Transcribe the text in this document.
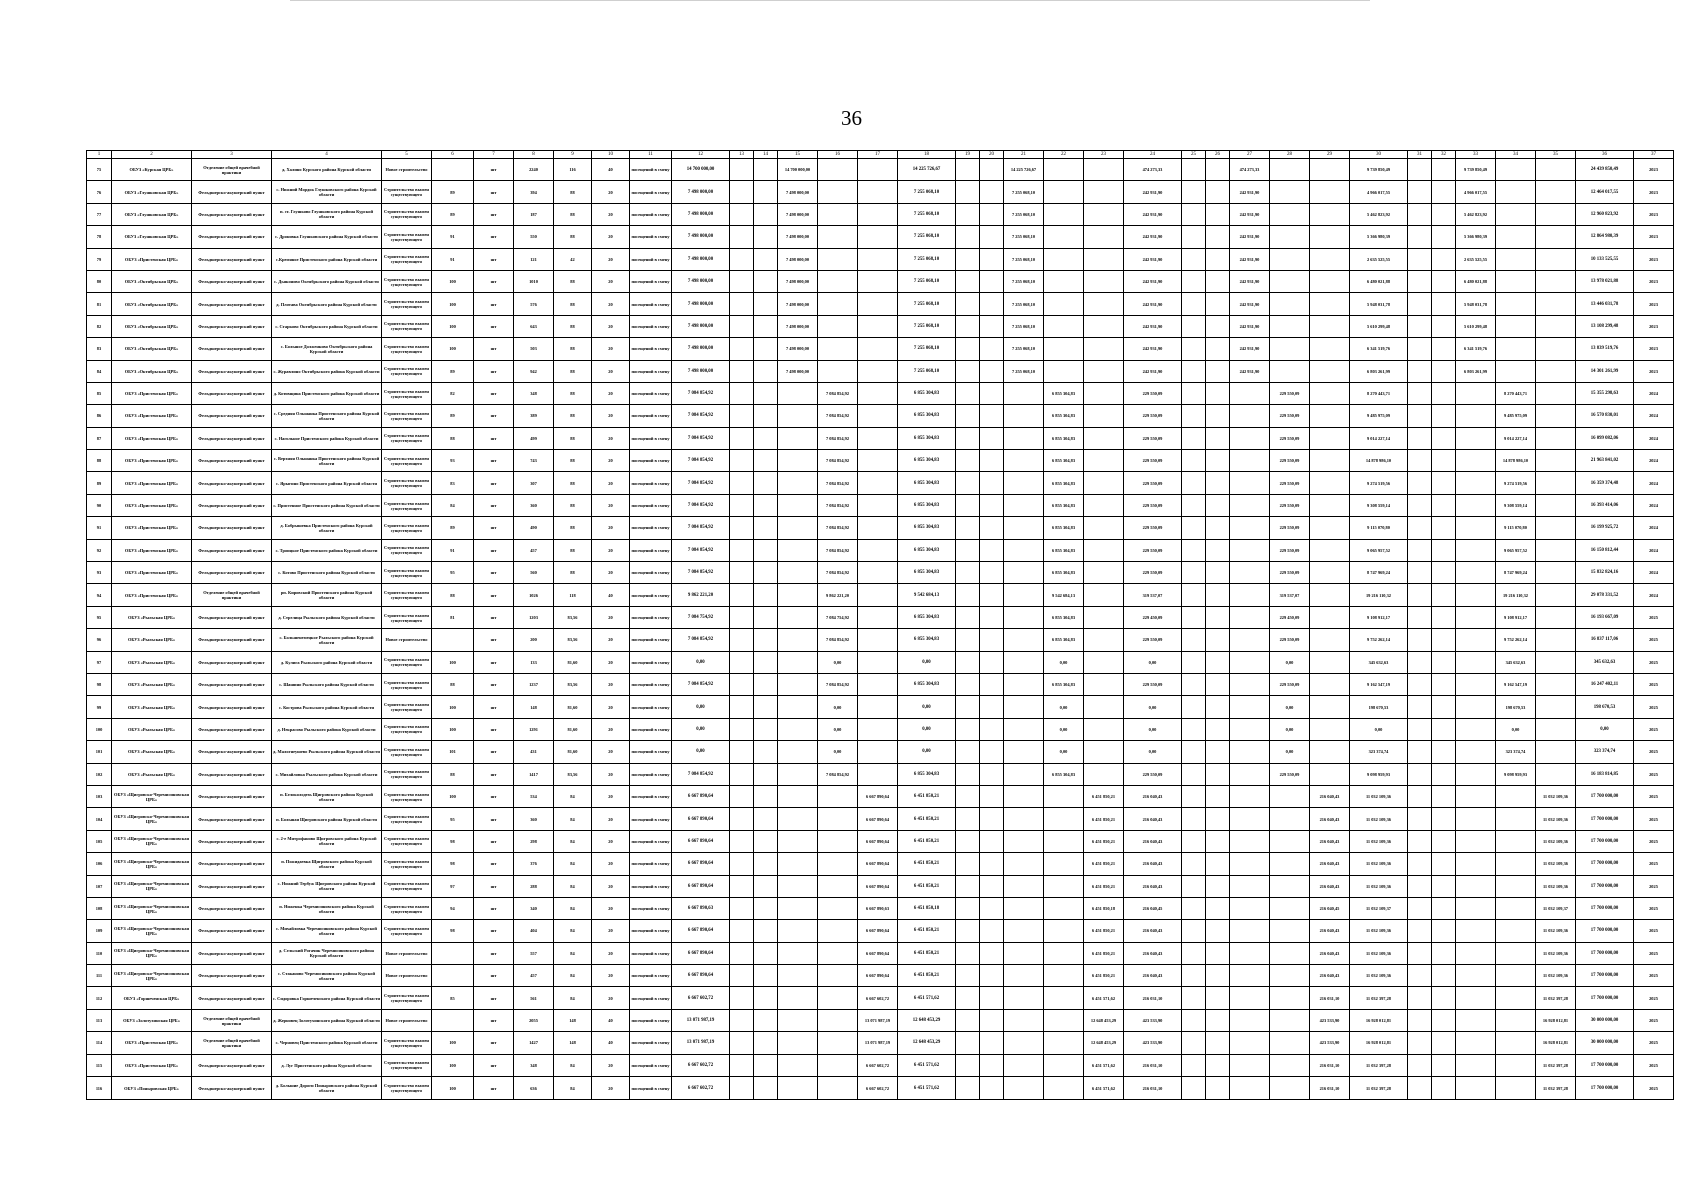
36
1	2	3	4	5	6	7	8	9	10	11	12	13	14	15	16	17	18	19	20	21	22	23	24	25	26	27	28	29	30	31	32	33	34	35	36	37
75	ОБУЗ «Курская ЦРБ»	Отделение общей врачебной практики	д. Халино Курского района Курской области	Новое строительство		шт	2240	116	40	посещений в смену	14 700 000,00			14 700 000,00			14 225 726,67			14 225 726,67			474 273,33			474 273,33			9 739 850,49			9 739 850,49			24 439 850,49	2023
76	ОБУЗ «Глушковская ЦРБ»	Фельдшерско-акушерский пункт	с. Нижний Мордок Глушковского района Курской области	Строительство взамен существующего	89	шт	394	88	20	посещений в смену	7 498 000,00			7 498 000,00			7 255 068,10			7 255 068,10			242 931,90			242 931,90			4 966 017,55			4 966 017,55			12 464 017,55	2023
77	ОБУЗ «Глушковская ЦРБ»	Фельдшерско-акушерский пункт	п. ст. Глушково Глушковского района Курской области	Строительство взамен существующего	89	шт	187	88	20	посещений в смену	7 498 000,00			7 498 000,00			7 255 068,10			7 255 068,10			242 931,90			242 931,90			5 462 823,92			5 462 823,92			12 960 823,92	2023
78	ОБУЗ «Глушковская ЦРБ»	Фельдшерско-акушерский пункт	с. Дроновка Глушковского района Курской области	Строительство взамен существующего	91	шт	550	88	20	посещений в смену	7 498 000,00			7 498 000,00			7 255 068,10			7 255 068,10			242 931,90			242 931,90			5 366 980,39			5 366 980,39			12 864 980,39	2023
79	ОБУЗ «Пристенская ЦРБ»	Фельдшерско-акушерский пункт	с.Кремяное Пристенского района Курской области	Строительство взамен существующего	91	шт	121	42	20	посещений в смену	7 498 000,00			7 498 000,00			7 255 068,10			7 255 068,10			242 931,90			242 931,90			2 635 525,55			2 635 525,55			10 133 525,55	2023
80	ОБУЗ «Октябрьская ЦРБ»	Фельдшерско-акушерский пункт	с. Дьяконово Октябрьского района Курской области	Строительство взамен существующего	100	шт	1010	88	20	посещений в смену	7 498 000,00			7 498 000,00			7 255 068,10			7 255 068,10			242 931,90			242 931,90			6 480 021,88			6 480 021,88			13 978 021,88	2023
81	ОБУЗ «Октябрьская ЦРБ»	Фельдшерско-акушерский пункт	д. Плотава Октябрьского района Курской области	Строительство взамен существующего	100	шт	576	88	20	посещений в смену	7 498 000,00			7 498 000,00			7 255 068,10			7 255 068,10			242 931,90			242 931,90			5 948 031,78			5 948 031,78			13 446 031,78	2023
82	ОБУЗ «Октябрьская ЦРБ»	Фельдшерско-акушерский пункт	с. Старково Октябрьского района Курской области	Строительство взамен существующего	100	шт	643	88	20	посещений в смену	7 498 000,00			7 498 000,00			7 255 068,10			7 255 068,10			242 931,90			242 931,90			5 610 299,48			5 610 299,48			13 108 299,48	2023
83	ОБУЗ «Октябрьская ЦРБ»	Фельдшерско-акушерский пункт	с. Большое Долженково Октябрьского района Курской области	Строительство взамен существующего	100	шт	503	88	20	посещений в смену	7 498 000,00			7 498 000,00			7 255 068,10			7 255 068,10			242 931,90			242 931,90			6 341 519,76			6 341 519,76			13 839 519,76	2023
84	ОБУЗ «Октябрьская ЦРБ»	Фельдшерско-акушерский пункт	с. Журавлино Октябрьского района Курской области	Строительство взамен существующего	89	шт	942	88	20	посещений в смену	7 498 000,00			7 498 000,00			7 255 068,10			7 255 068,10			242 931,90			242 931,90			6 803 261,99			6 803 261,99			14 301 261,99	2023
85	ОБУЗ «Пристенская ЦРБ»	Фельдшерско-акушерский пункт	д. Котовщина Пристенского района Курской области	Строительство взамен существующего	82	шт	348	88	20	посещений в смену	7 084 854,92				7 084 854,92		6 855 304,83				6 855 304,83		229 550,09				229 550,09		8 270 443,71				8 270 443,71		15 355 298,63	2024
86	ОБУЗ «Пристенская ЦРБ»	Фельдшерско-акушерский пункт	с. Средняя Ольшанка Пристенского района Курской области	Строительство взамен существующего	89	шт	389	88	20	посещений в смену	7 084 854,92				7 084 854,92		6 855 304,83				6 855 304,83		229 550,09				229 550,09		9 485 975,09				9 485 975,09		16 570 830,01	2024
87	ОБУЗ «Пристенская ЦРБ»	Фельдшерско-акушерский пункт	с. Нагольное Пристенского района Курской области	Строительство взамен существующего	88	шт	499	88	20	посещений в смену	7 084 854,92				7 084 854,92		6 855 304,83				6 855 304,83		229 550,09				229 550,09		9 014 227,14				9 014 227,14		16 099 082,06	2024
88	ОБУЗ «Пристенская ЦРБ»	Фельдшерско-акушерский пункт	с. Верхняя Ольшанка Пристенского района Курской области	Строительство взамен существующего	93	шт	743	88	20	посещений в смену	7 084 854,92				7 084 854,92		6 855 304,83				6 855 304,83		229 550,09				229 550,09		14 878 986,10				14 878 986,10		21 963 841,02	2024
89	ОБУЗ «Пристенская ЦРБ»	Фельдшерско-акушерский пункт	с. Ярыгино Пристенского района Курской области	Строительство взамен существующего	83	шт	307	88	20	посещений в смену	7 084 854,92				7 084 854,92		6 855 304,83				6 855 304,83		229 550,09				229 550,09		9 274 519,56				9 274 519,56		16 359 374,48	2024
90	ОБУЗ «Пристенская ЦРБ»	Фельдшерско-акушерский пункт	с. Пристенное Пристенского района Курской области	Строительство взамен существующего	84	шт	360	88	20	посещений в смену	7 084 854,92				7 084 854,92		6 855 304,83				6 855 304,83		229 550,09				229 550,09		9 308 559,14				9 308 559,14		16 393 414,06	2024
91	ОБУЗ «Пристенская ЦРБ»	Фельдшерско-акушерский пункт	д. Бобрышевка Пристенского района Курской области	Строительство взамен существующего	89	шт	490	88	20	посещений в смену	7 084 854,92				7 084 854,92		6 855 304,83				6 855 304,83		229 550,09				229 550,09		9 115 070,80				9 115 070,80		16 199 925,72	2024
92	ОБУЗ «Пристенская ЦРБ»	Фельдшерско-акушерский пункт	с. Троицкое Пристенского района Курской области	Строительство взамен существующего	91	шт	457	88	20	посещений в смену	7 084 854,92				7 084 854,92		6 855 304,83				6 855 304,83		229 550,09				229 550,09		9 065 957,52				9 065 957,52		16 150 812,44	2024
93	ОБУЗ «Пристенская ЦРБ»	Фельдшерско-акушерский пункт	с. Котово Пристенского района Курской области	Строительство взамен существующего	95	шт	560	88	20	посещений в смену	7 084 854,92				7 084 854,92		6 855 304,83				6 855 304,83		229 550,09				229 550,09		8 747 969,24				8 747 969,24		15 832 824,16	2024
94	ОБУЗ «Пристенская ЦРБ»	Отделение общей врачебной практики	рп. Кировский Пристенского района Курской области	Строительство взамен существующего	88	шт	1026	118	40	посещений в смену	9 862 221,20				9 862 221,20		9 542 684,13				9 542 684,13		319 537,07				319 537,07		19 216 110,32				19 216 110,32		29 078 331,52	2024
95	ОБУЗ «Рыльская ЦРБ»	Фельдшерско-акушерский пункт	д. Стрелица Рыльского района Курской области	Строительство взамен существующего	81	шт	1203	83,56	20	посещений в смену	7 084 754,92				7 084 754,92		6 855 304,83				6 855 304,83		229 450,09				229 450,09		9 108 912,17				9 108 912,17		16 193 667,09	2025
96	ОБУЗ «Рыльская ЦРБ»	Фельдшерско-акушерский пункт	с. Большенемецкое Рыльского района Курской области	Новое строительство		шт	200	83,56	20	посещений в смену	7 084 854,92				7 084 854,92		6 855 304,83				6 855 304,83		229 550,09				229 550,09		9 752 262,14				9 752 262,14		16 837 117,06	2025
97	ОБУЗ «Рыльская ЦРБ»	Фельдшерско-акушерский пункт	д. Кулига Рыльского района Курской области	Строительство взамен существующего	100	шт	133	81,60	20	посещений в смену	0,00				0,00		0,00				0,00		0,00				0,00		345 632,63				345 632,63		345 632,63	2025
98	ОБУЗ «Рыльская ЦРБ»	Фельдшерско-акушерский пункт	с. Шашино Рыльского района Курской области	Строительство взамен существующего	88	шт	1237	83,56	20	посещений в смену	7 084 854,92				7 084 854,92		6 855 304,83				6 855 304,83		229 550,09				229 550,09		9 162 547,19				9 162 547,19		16 247 402,11	2025
99	ОБУЗ «Рыльская ЦРБ»	Фельдшерско-акушерский пункт	с. Кострова Рыльского района Курской области	Строительство взамен существующего	100	шт	148	81,60	20	посещений в смену	0,00				0,00		0,00				0,00		0,00				0,00		198 670,53				198 670,53		198 670,53	2025
100	ОБУЗ «Рыльская ЦРБ»	Фельдшерско-акушерский пункт	д. Некрасово Рыльского района Курской области	Строительство взамен существующего	100	шт	1291	81,60	20	посещений в смену	0,00				0,00		0,00				0,00		0,00				0,00		0,00				0,00		0,00	2025
101	ОБУЗ «Рыльская ЦРБ»	Фельдшерско-акушерский пункт	д. Малогнеушево Рыльского района Курской области	Строительство взамен существующего	101	шт	431	81,60	20	посещений в смену	0,00				0,00		0,00				0,00		0,00				0,00		323 374,74				323 374,74		323 374,74	2025
102	ОБУЗ «Рыльская ЦРБ»	Фельдшерско-акушерский пункт	с. Михайловка Рыльского района Курской области	Строительство взамен существующего	88	шт	1417	83,56	20	посещений в смену	7 084 854,92				7 084 854,92		6 855 304,83				6 855 304,83		229 550,09				229 550,09		9 098 959,93				9 098 959,93		16 183 814,85	2025
103	ОБУЗ «Щигровско-Черемисиновская ЦРБ»	Фельдшерско-акушерский пункт	п. Белоколодезь Щигровского района Курской области	Строительство взамен существующего	100	шт	534	84	20	посещений в смену	6 667 890,64					6 667 890,64	6 451 850,21					6 451 850,21	216 040,43					216 040,43	11 032 109,36					11 032 109,36	17 700 000,00	2025
104	ОБУЗ «Щигровско-Черемисиновская ЦРБ»	Фельдшерско-акушерский пункт	п. Большая Щигровского района Курской области	Строительство взамен существующего	95	шт	360	84	20	посещений в смену	6 667 890,64					6 667 890,64	6 451 850,21					6 451 850,21	216 040,43					216 040,43	11 032 109,36					11 032 109,36	17 700 000,00	2025
105	ОБУЗ «Щигровско-Черемисиновская ЦРБ»	Фельдшерско-акушерский пункт	с. 2-е Митрофаново Щигровского района Курской области	Строительство взамен существующего	98	шт	298	84	20	посещений в смену	6 667 890,64					6 667 890,64	6 451 850,21					6 451 850,21	216 040,43					216 040,43	11 032 109,36					11 032 109,36	17 700 000,00	2025
106	ОБУЗ «Щигровско-Черемисиновская ЦРБ»	Фельдшерско-акушерский пункт	п. Пожидаевка Щигровского района Курской области	Строительство взамен существующего	98	шт	376	84	20	посещений в смену	6 667 890,64					6 667 890,64	6 451 850,21					6 451 850,21	216 040,43					216 040,43	11 032 109,36					11 032 109,36	17 700 000,00	2025
107	ОБУЗ «Щигровско-Черемисиновская ЦРБ»	Фельдшерско-акушерский пункт	с. Нижний Тербуж Щигровского района Курской области	Строительство взамен существующего	97	шт	288	84	20	посещений в смену	6 667 890,64					6 667 890,64	6 451 850,21					6 451 850,21	216 040,43					216 040,43	11 032 109,36					11 032 109,36	17 700 000,00	2025
108	ОБУЗ «Щигровско-Черемисиновская ЦРБ»	Фельдшерско-акушерский пункт	п. Ниженка Черемисиновского района Курской области	Строительство взамен существующего	94	шт	340	84	20	посещений в смену	6 667 890,63					6 667 890,63	6 451 850,18					6 451 850,18	216 040,45					216 040,45	11 032 109,37					11 032 109,37	17 700 000,00	2025
109	ОБУЗ «Щигровско-Черемисиновская ЦРБ»	Фельдшерско-акушерский пункт	с. Михайловка Черемисиновского района Курской области	Строительство взамен существующего	98	шт	404	84	20	посещений в смену	6 667 890,64					6 667 890,64	6 451 850,21					6 451 850,21	216 040,43					216 040,43	11 032 109,36					11 032 109,36	17 700 000,00	2025
110	ОБУЗ «Щигровско-Черемисиновская ЦРБ»	Фельдшерско-акушерский пункт	д. Сельский Рогачик Черемисиновского района Курской области	Новое строительство		шт	557	84	20	посещений в смену	6 667 890,64					6 667 890,64	6 451 850,21					6 451 850,21	216 040,43					216 040,43	11 032 109,36					11 032 109,36	17 700 000,00	2025
111	ОБУЗ «Щигровско-Черемисиновская ЦРБ»	Фельдшерско-акушерский пункт	с. Стаканово Черемисиновского района Курской области	Новое строительство		шт	457	84	20	посещений в смену	6 667 890,64					6 667 890,64	6 451 850,21					6 451 850,21	216 040,43					216 040,43	11 032 109,36					11 032 109,36	17 700 000,00	2025
112	ОБУЗ «Горшеченская ЦРБ»	Фельдшерско-акушерский пункт	с. Сидоровка Горшеченского района Курской области	Строительство взамен существующего	85	шт	561	84	20	посещений в смену	6 667 602,72					6 667 602,72	6 451 571,62					6 451 571,62	216 031,10					216 031,10	11 032 397,28					11 032 397,28	17 700 000,00	2025
113	ОБУЗ «Золотухинская ЦРБ»	Отделение общей врачебной практики	д. Жерновец Золотухинского района Курской области	Новое строительство		шт	2055	148	40	посещений в смену	13 071 987,19					13 071 987,19	12 648 453,29					12 648 453,29	423 533,90					423 533,90	16 928 012,81					16 928 012,81	30 000 000,00	2025
114	ОБУЗ «Пристенская ЦРБ»	Отделение общей врачебной практики	с. Черновец Пристенского района Курской области	Строительство взамен существующего	100	шт	1427	148	40	посещений в смену	13 071 987,19					13 071 987,19	12 648 453,29					12 648 453,29	423 533,90					423 533,90	16 928 012,81					16 928 012,81	30 000 000,00	2025
115	ОБУЗ «Пристенская ЦРБ»	Фельдшерско-акушерский пункт	д. Луг Пристенского района Курской области	Строительство взамен существующего	100	шт	348	84	20	посещений в смену	6 667 602,72					6 667 602,72	6 451 571,62					6 451 571,62	216 031,10					216 031,10	11 032 397,28					11 032 397,28	17 700 000,00	2025
116	ОБУЗ «Поныровская ЦРБ»	Фельдшерско-акушерский пункт	д. Большие Дороги Поныровского района Курской области	Строительство взамен существующего	100	шт	636	84	20	посещений в смену	6 667 602,72					6 667 602,72	6 451 571,62					6 451 571,62	216 031,10					216 031,10	11 032 397,28					11 032 397,28	17 700 000,00	2025
